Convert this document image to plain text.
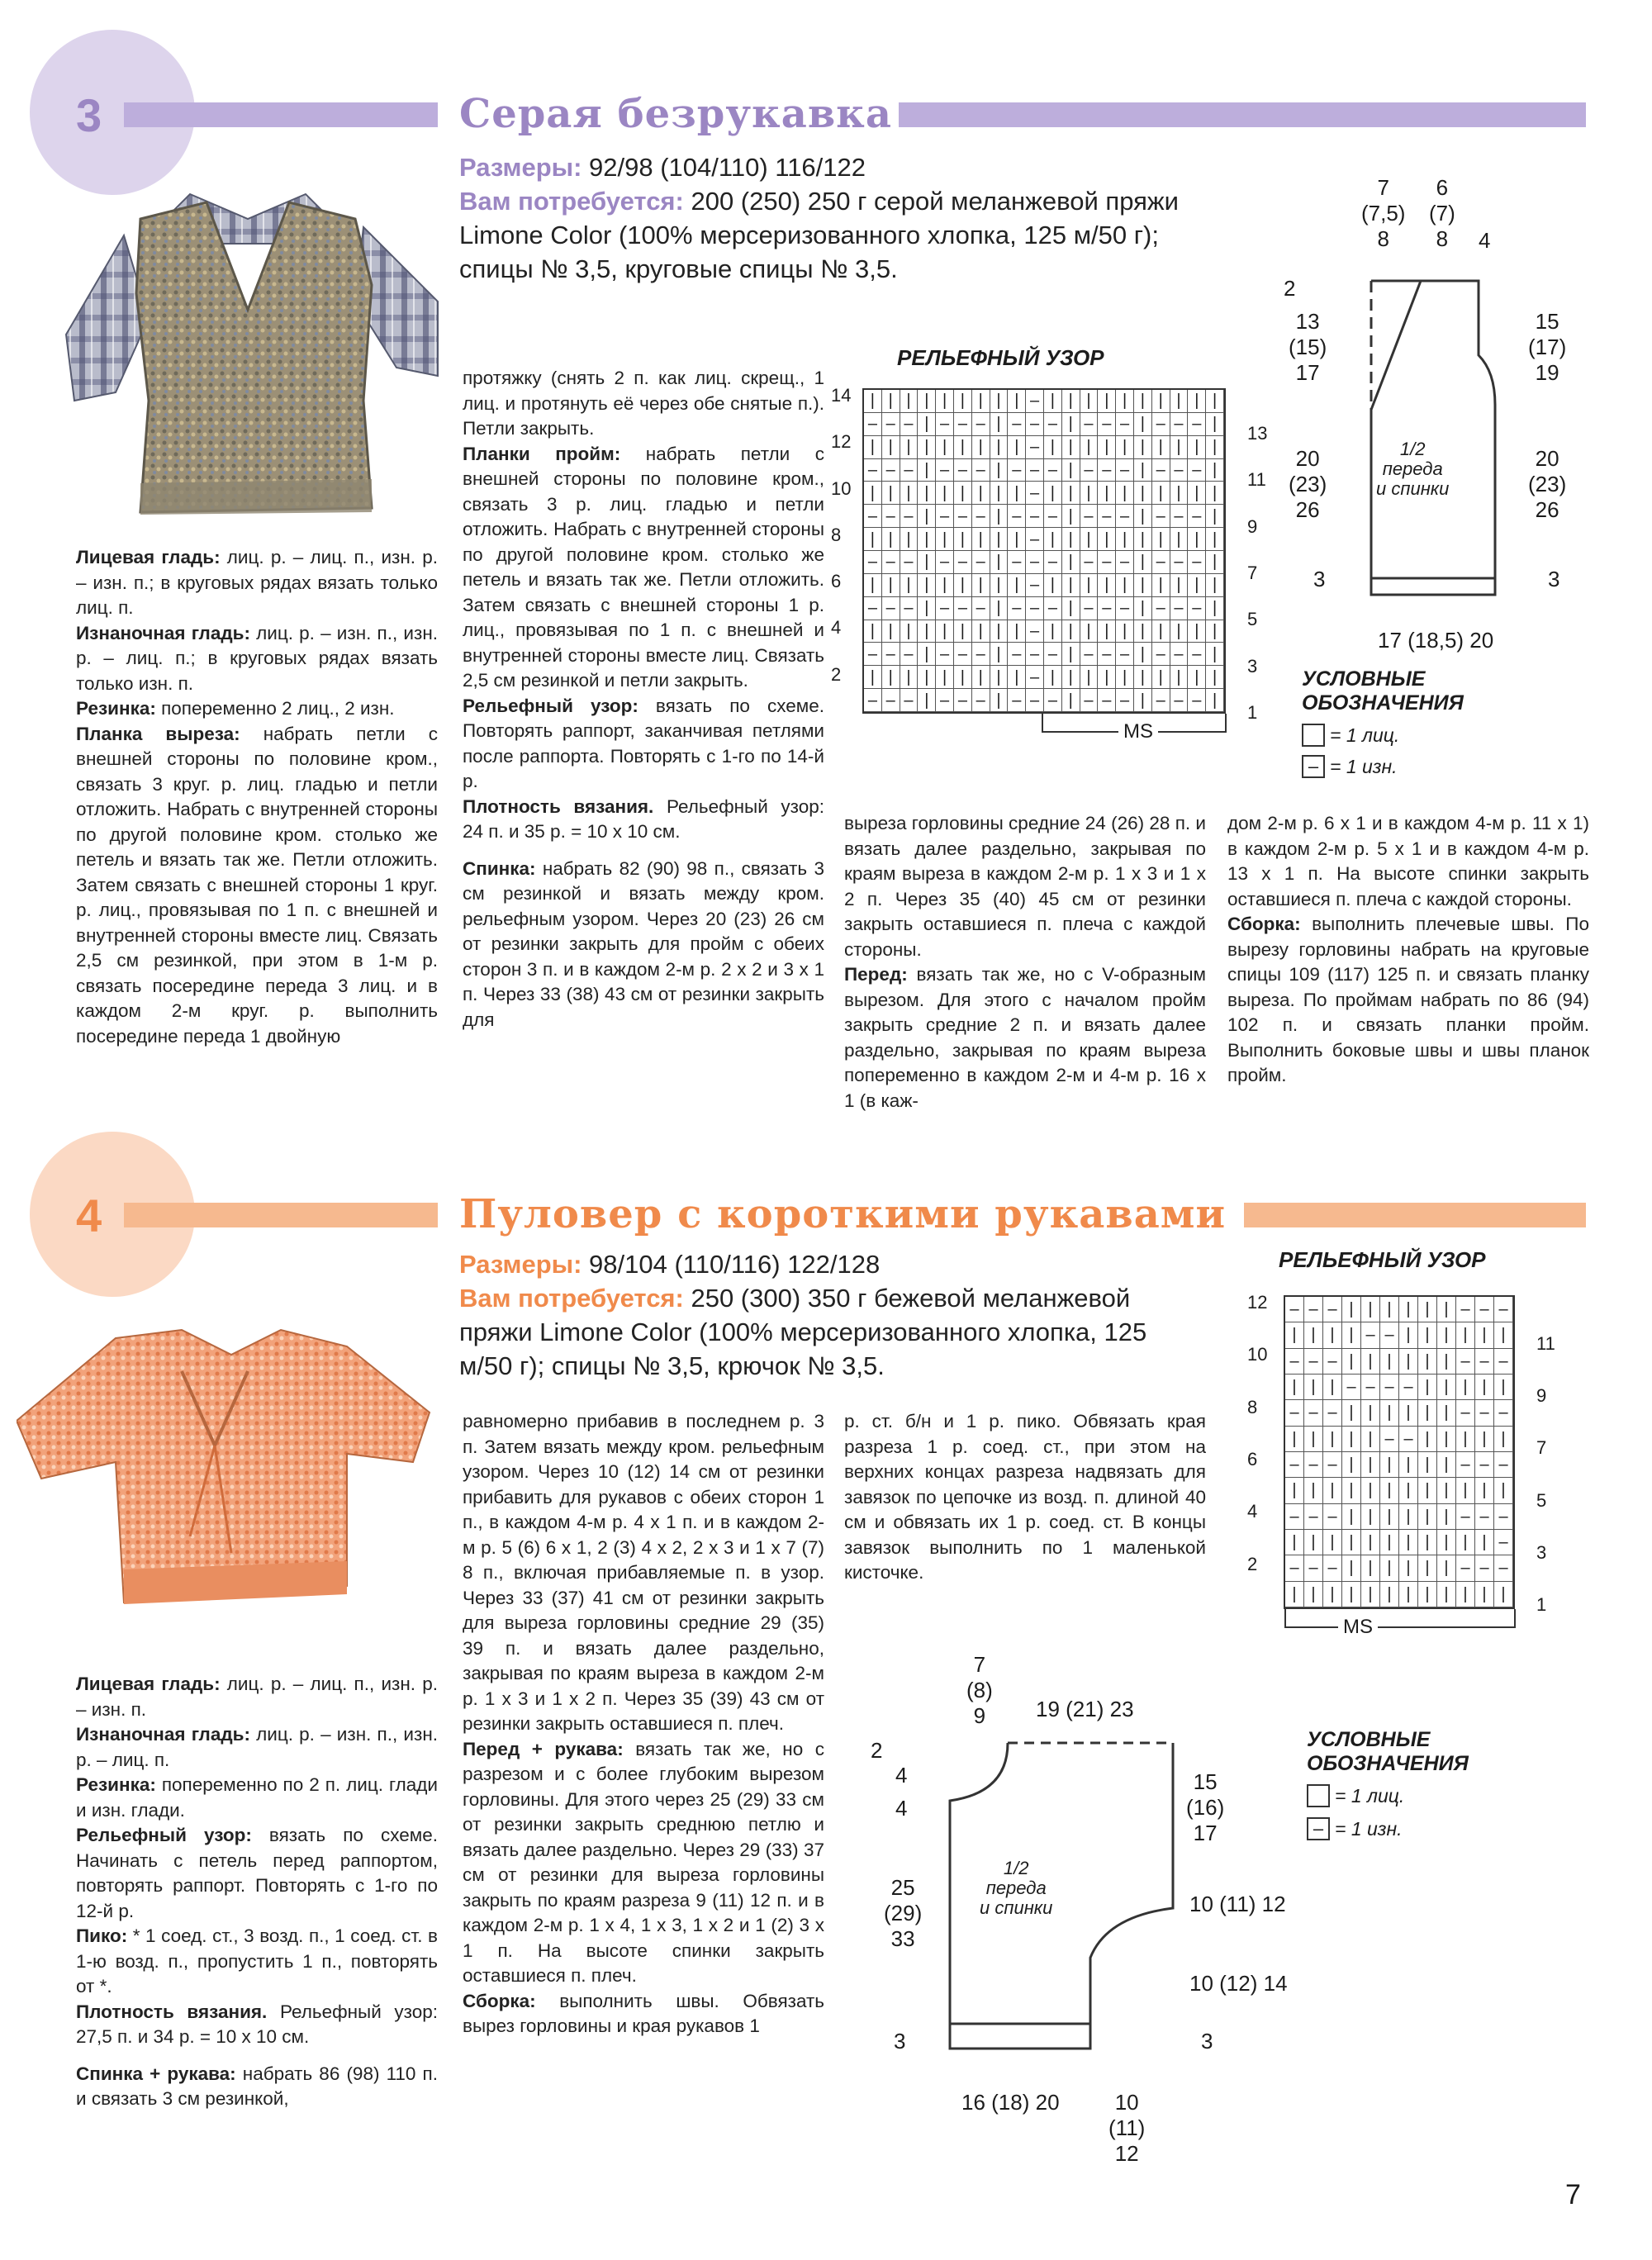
3	Серая безрукавка
Размеры: 92/98 (104/110) 116/122
Вам потребуется: 200 (250) 250 г серой меланжевой пряжи Limone Color (100% мерсеризованного хлопка, 125 м/50 г); спицы № 3,5, круговые спицы № 3,5.

Лицевая гладь: лиц. р. – лиц. п., изн. р. – изн. п.; в круговых рядах вязать только лиц. п.

Изнаночная гладь: лиц. р. – изн. п., изн. р. – лиц. п.; в круговых рядах вязать только изн. п.

Резинка: попеременно 2 лиц., 2 изн.

Планка выреза: набрать петли с внешней стороны по половине кром., связать 3 круг. р. лиц. гладью и петли отложить. Набрать с внутренней стороны по другой половине кром. столько же петель и вязать так же. Петли отложить. Затем связать с внешней стороны 1 круг. р. лиц., провязывая по 1 п. с внешней и внутренней стороны вместе лиц. Связать 2,5 см резинкой, при этом в 1-м р. связать посередине переда 3 лиц. и в каждом 2-м круг. р. выполнить посередине переда 1 двойную

протяжку (снять 2 п. как лиц. скрещ., 1 лиц. и протянуть её через обе снятые п.). Петли закрыть.

Планки пройм: набрать петли с внешней стороны по половине кром., связать 3 р. лиц. гладью и петли отложить. Набрать с внутренней стороны по другой половине кром. столько же петель и вязать так же. Петли отложить. Затем связать с внешней стороны 1 р. лиц., провязывая по 1 п. с внешней и внутренней стороны вместе лиц. Связать 2,5 см резинкой и петли закрыть.

Рельефный узор: вязать по схеме. Повторять раппорт, заканчивая петлями после раппорта. Повторять с 1-го по 14-й р.

Плотность вязания. Рельефный узор: 24 п. и 35 р. = 10 х 10 см.

Спинка: набрать 82 (90) 98 п., связать 3 см резинкой и вязать между кром. рельефным узором. Через 20 (23) 26 см от резинки закрыть для пройм с обеих сторон 3 п. и в каждом 2-м р. 2 х 2 и 3 х 1 п. Через 33 (38) 43 см от резинки закрыть для

выреза горловины средние 24 (26) 28 п. и вязать далее раздельно, закрывая по краям выреза в каждом 2-м р. 1 х 3 и 1 х 2 п. Через 35 (40) 45 см от резинки закрыть оставшиеся п. плеча с каждой стороны.

Перед: вязать так же, но с V-образным вырезом. Для этого с началом пройм закрыть средние 2 п. и вязать далее раздельно, закрывая по краям выреза попеременно в каждом 2-м и 4-м р. 16 х 1 (в каж-

дом 2-м р. 6 х 1 и в каждом 4-м р. 11 х 1) в каждом 2-м р. 5 х 1 и в каждом 4-м р. 13 х 1 п. На высоте спинки закрыть оставшиеся п. плеча с каждой стороны.

Сборка: выполнить плечевые швы. По вырезу горловины набрать на круговые спицы 109 (117) 125 п. и связать планку выреза. По проймам набрать по 86 (94) 102 п. и связать планки пройм. Выполнить боковые швы и швы планок пройм.

РЕЛЬЕФНЫЙ УЗОР
| | | | | | | | | – | | | | | | | | | |
– – – | – – – | – – – | – – – | – – – |
| | | | | | | | | – | | | | | | | | | |
– – – | – – – | – – – | – – – | – – – |
| | | | | | | | | – | | | | | | | | | |
– – – | – – – | – – – | – – – | – – – |
| | | | | | | | | – | | | | | | | | | |
– – – | – – – | – – – | – – – | – – – |
| | | | | | | | | – | | | | | | | | | |
– – – | – – – | – – – | – – – | – – – |
| | | | | | | | | – | | | | | | | | | |
– – – | – – – | – – – | – – – | – – – |
| | | | | | | | | – | | | | | | | | | |
– – – | – – – | – – – | – – – | – – – |
14
12
10
8
6
4
2
13
11
9
7
5
3
1
MS
7
(7,5)
8
6
(7)
8	4
2
13
(15)
17
20
(23)
26
3
15
(17)
19
20
(23)
26
3
1/2
переда
и спинки
17 (18,5) 20
УСЛОВНЫЕ
ОБОЗНАЧЕНИЯ
= 1 лиц.
– = 1 изн.
4	Пуловер с короткими рукавами
Размеры: 98/104 (110/116) 122/128
Вам потребуется: 250 (300) 350 г бежевой меланжевой пряжи Limone Color (100% мерсеризованного хлопка, 125 м/50 г); спицы № 3,5, крючок № 3,5.

Лицевая гладь: лиц. р. – лиц. п., изн. р. – изн. п.

Изнаночная гладь: лиц. р. – изн. п., изн. р. – лиц. п.

Резинка: попеременно по 2 п. лиц. глади и изн. глади.

Рельефный узор: вязать по схеме. Начинать с петель перед раппортом, повторять раппорт. Повторять с 1-го по 12-й р.

Пико: * 1 соед. ст., 3 возд. п., 1 соед. ст. в 1-ю возд. п., пропустить 1 п., повторять от *.

Плотность вязания. Рельефный узор: 27,5 п. и 34 р. = 10 х 10 см.

Спинка + рукава: набрать 86 (98) 110 п. и связать 3 см резинкой,

равномерно прибавив в последнем р. 3 п. Затем вязать между кром. рельефным узором. Через 10 (12) 14 см от резинки прибавить для рукавов с обеих сторон 1 п., в каждом 4-м р. 4 х 1 п. и в каждом 2-м р. 5 (6) 6 х 1, 2 (3) 4 х 2, 2 х 3 и 1 х 7 (7) 8 п., включая прибавляемые п. в узор. Через 33 (37) 41 см от резинки закрыть для выреза горловины средние 29 (35) 39 п. и вязать далее раздельно, закрывая по краям выреза в каждом 2-м р. 1 х 3 и 1 х 2 п. Через 35 (39) 43 см от резинки закрыть оставшиеся п. плеч.

Перед + рукава: вязать так же, но с разрезом и с более глубоким вырезом горловины. Для этого через 25 (29) 33 см от резинки закрыть среднюю петлю и вязать далее раздельно. Через 29 (33) 37 см от резинки для выреза горловины закрыть по краям разреза 9 (11) 12 п. и в каждом 2-м р. 1 х 4, 1 х 3, 1 х 2 и 1 (2) 3 х 1 п. На высоте спинки закрыть оставшиеся п. плеч.

Сборка: выполнить швы. Обвязать вырез горловины и края рукавов 1

р. ст. б/н и 1 р. пико. Обвязать края разреза 1 р. соед. ст., при этом на верхних концах разреза надвязать для завязок по цепочке из возд. п. длиной 40 см и обвязать их 1 р. соед. ст. В концы завязок выполнить по 1 маленькой кисточке.

РЕЛЬЕФНЫЙ УЗОР
– – – | | | | | | – – –
| | | | – – | | | | | |
– – – | | | | | | – – –
| | | – – – – | | | | |
– – – | | | | | | – – –
| | | | | – – | | | | |
– – – | | | | | | – – –
| | | | | | | | | | | |
– – – | | | | | | – – –
| | | | | | | | | | | –
– – – | | | | | | – – –
| | | | | | | | | | | |
12
10
8
6
4
2
11
9
7
5
3
1
MS
7
(8)
9	19 (21) 23
2
4
4
25
(29)
33
3
15
(16)
17
10 (11) 12
10 (12) 14
3
1/2
переда
и спинки
16 (18) 20	10
(11)
12
УСЛОВНЫЕ
ОБОЗНАЧЕНИЯ
= 1 лиц.
– = 1 изн.
7
